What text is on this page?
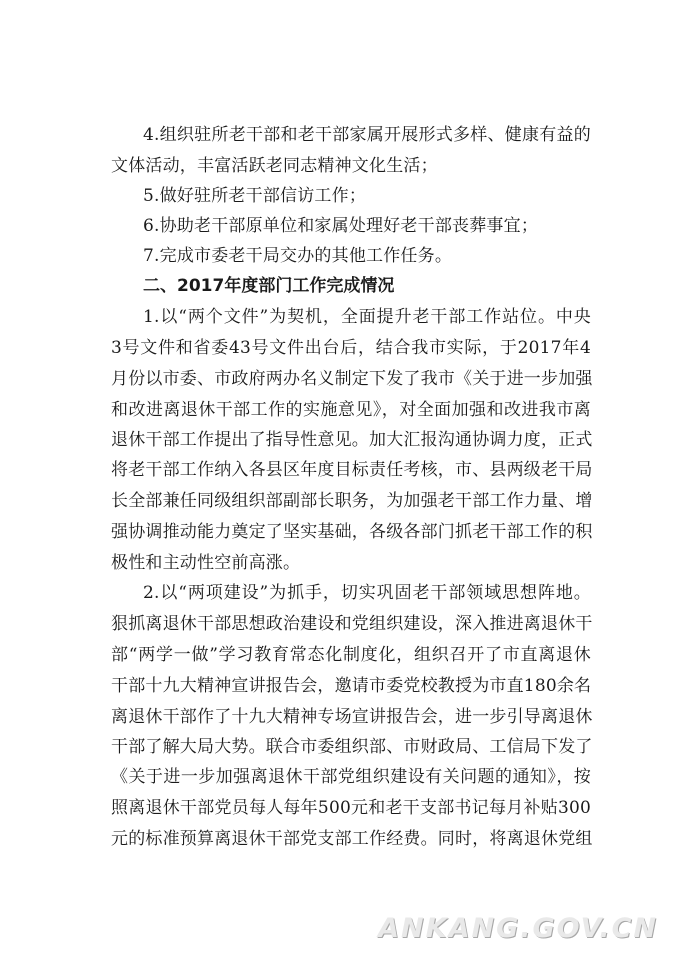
4.组织驻所老干部和老干部家属开展形式多样、健康有益的
文体活动，丰富活跃老同志精神文化生活；
5.做好驻所老干部信访工作；
6.协助老干部原单位和家属处理好老干部丧葬事宜；
7.完成市委老干局交办的其他工作任务。
二、2017年度部门工作完成情况
1.以“两个文件”为契机，全面提升老干部工作站位。中央
3号文件和省委43号文件出台后，结合我市实际，于2017年4
月份以市委、市政府两办名义制定下发了我市《关于进一步加强
和改进离退休干部工作的实施意见》，对全面加强和改进我市离
退休干部工作提出了指导性意见。加大汇报沟通协调力度，正式
将老干部工作纳入各县区年度目标责任考核，市、县两级老干局
长全部兼任同级组织部副部长职务，为加强老干部工作力量、增
强协调推动能力奠定了坚实基础，各级各部门抓老干部工作的积
极性和主动性空前高涨。
2.以“两项建设”为抓手，切实巩固老干部领域思想阵地。
狠抓离退休干部思想政治建设和党组织建设，深入推进离退休干
部“两学一做”学习教育常态化制度化，组织召开了市直离退休
干部十九大精神宣讲报告会，邀请市委党校教授为市直180余名
离退休干部作了十九大精神专场宣讲报告会，进一步引导离退休
干部了解大局大势。联合市委组织部、市财政局、工信局下发了
《关于进一步加强离退休干部党组织建设有关问题的通知》，按
照离退休干部党员每人每年500元和老干支部书记每月补贴300
元的标准预算离退休干部党支部工作经费。同时，将离退休党组
ANKANG.GOV.CN
